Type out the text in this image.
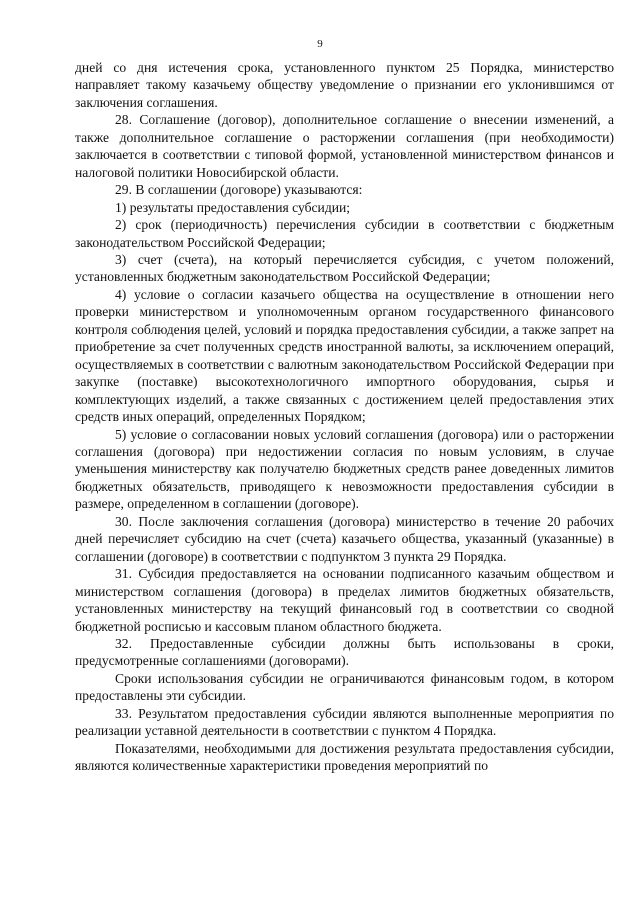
9

дней со дня истечения срока, установленного пунктом 25 Порядка, министерство направляет такому казачьему обществу уведомление о признании его уклонившимся от заключения соглашения.

28. Соглашение (договор), дополнительное соглашение о внесении изменений, а также дополнительное соглашение о расторжении соглашения (при необходимости) заключается в соответствии с типовой формой, установленной министерством финансов и налоговой политики Новосибирской области.

29. В соглашении (договоре) указываются:

1) результаты предоставления субсидии;

2) срок (периодичность) перечисления субсидии в соответствии с бюджетным законодательством Российской Федерации;

3) счет (счета), на который перечисляется субсидия, с учетом положений, установленных бюджетным законодательством Российской Федерации;

4) условие о согласии казачьего общества на осуществление в отношении него проверки министерством и уполномоченным органом государственного финансового контроля соблюдения целей, условий и порядка предоставления субсидии, а также запрет на приобретение за счет полученных средств иностранной валюты, за исключением операций, осуществляемых в соответствии с валютным законодательством Российской Федерации при закупке (поставке) высокотехнологичного импортного оборудования, сырья и комплектующих изделий, а также связанных с достижением целей предоставления этих средств иных операций, определенных Порядком;

5) условие о согласовании новых условий соглашения (договора) или о расторжении соглашения (договора) при недостижении согласия по новым условиям, в случае уменьшения министерству как получателю бюджетных средств ранее доведенных лимитов бюджетных обязательств, приводящего к невозможности предоставления субсидии в размере, определенном в соглашении (договоре).

30. После заключения соглашения (договора) министерство в течение 20 рабочих дней перечисляет субсидию на счет (счета) казачьего общества, указанный (указанные) в соглашении (договоре) в соответствии с подпунктом 3 пункта 29 Порядка.

31. Субсидия предоставляется на основании подписанного казачьим обществом и министерством соглашения (договора) в пределах лимитов бюджетных обязательств, установленных министерству на текущий финансовый год в соответствии со сводной бюджетной росписью и кассовым планом областного бюджета.

32. Предоставленные субсидии должны быть использованы в сроки, предусмотренные соглашениями (договорами).

Сроки использования субсидии не ограничиваются финансовым годом, в котором предоставлены эти субсидии.

33. Результатом предоставления субсидии являются выполненные мероприятия по реализации уставной деятельности в соответствии с пунктом 4 Порядка.

Показателями, необходимыми для достижения результата предоставления субсидии, являются количественные характеристики проведения мероприятий по
